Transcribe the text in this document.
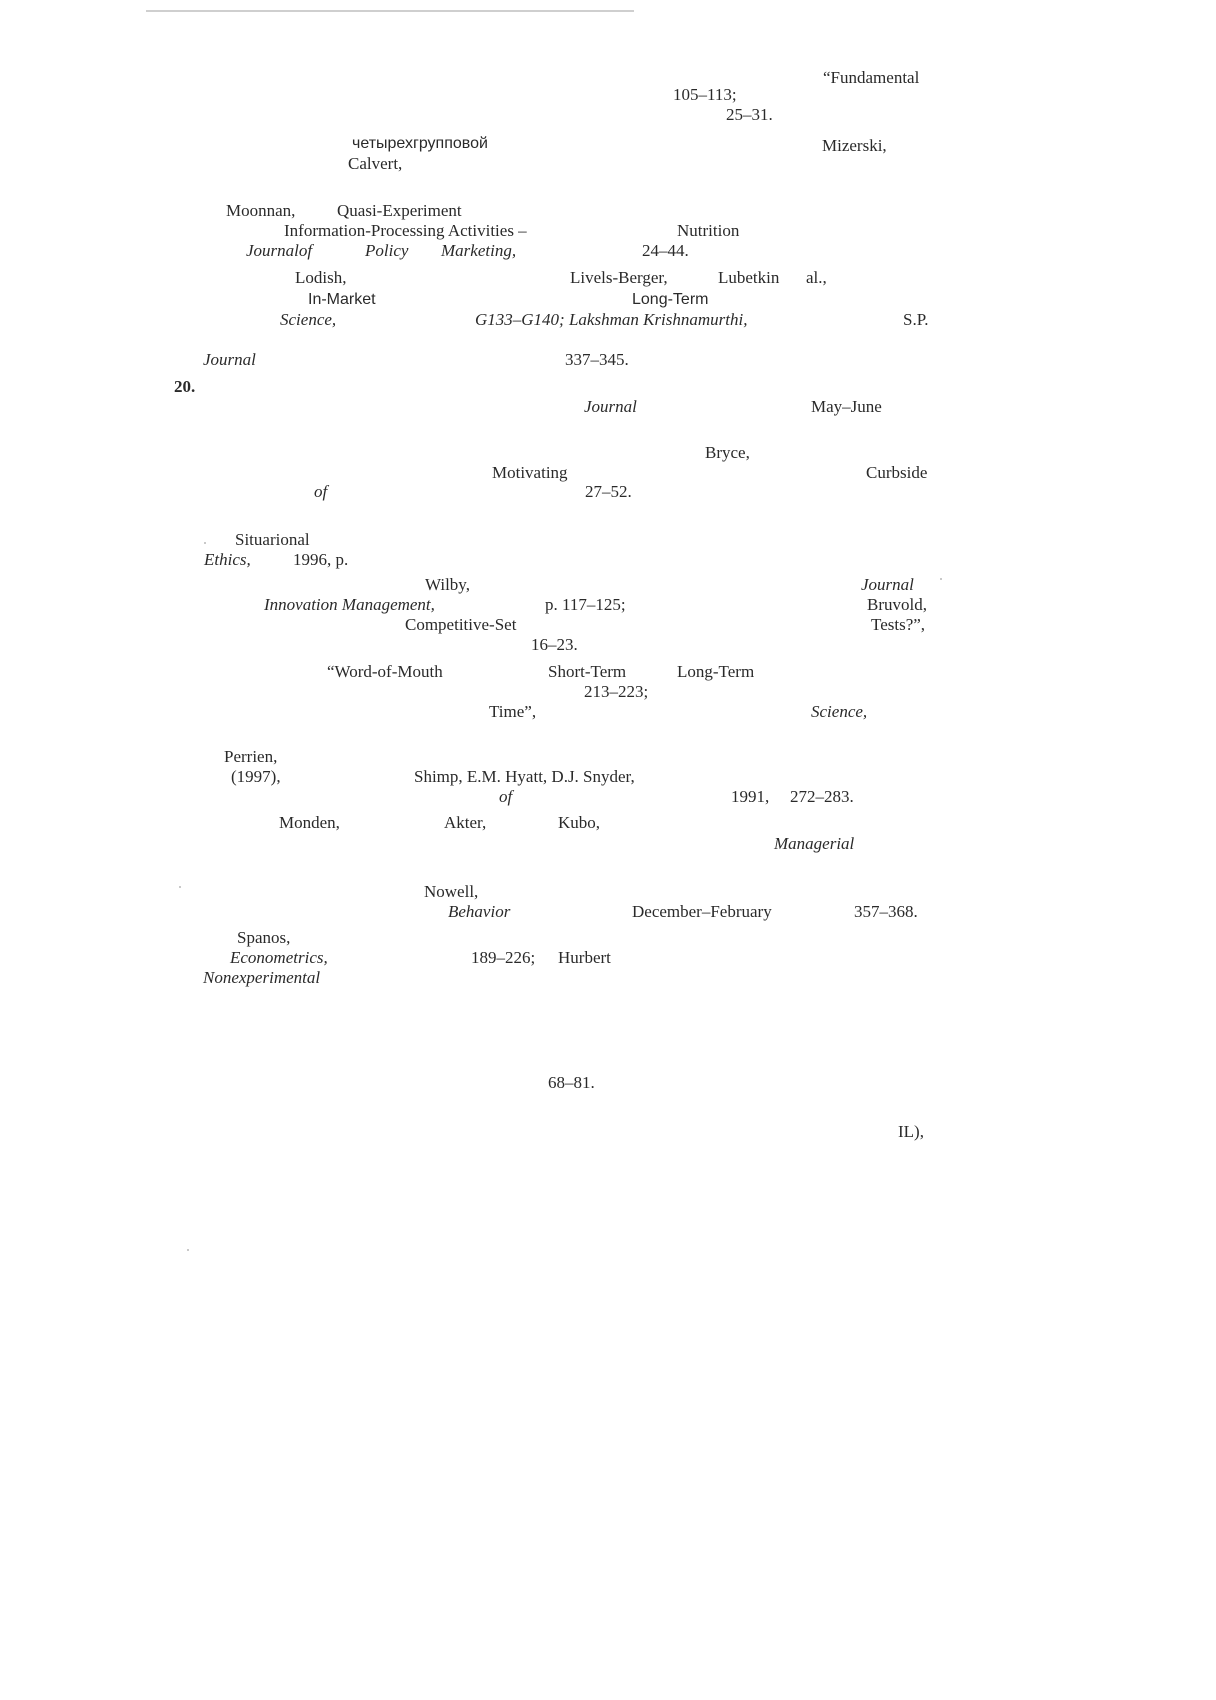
“Fundamental
105–113;
25–31.
четырехгрупповой	Mizerski,
Calvert,
Moonnan, Quasi-Experiment
Information-Processing Activities –	Nutrition
Journalof	Policy Marketing,	24–44.
Lodish,	Livels-Berger,	Lubetkin al.,
In-Market	Long-Term
Science,	G133–G140; Lakshman Krishnamurthi,	S.P.
Journal	337–345.
20.
Journal	May–June
Bryce,
Motivating	Curbside
of	27–52.
Situarional
Ethics, 1996, p.
Wilby,	Journal
Innovation Management,	p. 117–125;	Bruvold,
Competitive-Set	Tests?”,
16–23.
“Word-of-Mouth	Short-Term	Long-Term
213–223;
Time”,	Science,
Perrien,
(1997),	Shimp, E.M. Hyatt, D.J. Snyder,
of	1991, 272–283.
Monden,	Akter,	Kubo,
Managerial
Nowell,
Behavior	December–February	357–368.
Spanos,
Econometrics,	189–226; Hurbert
Nonexperimental
68–81.
IL),
